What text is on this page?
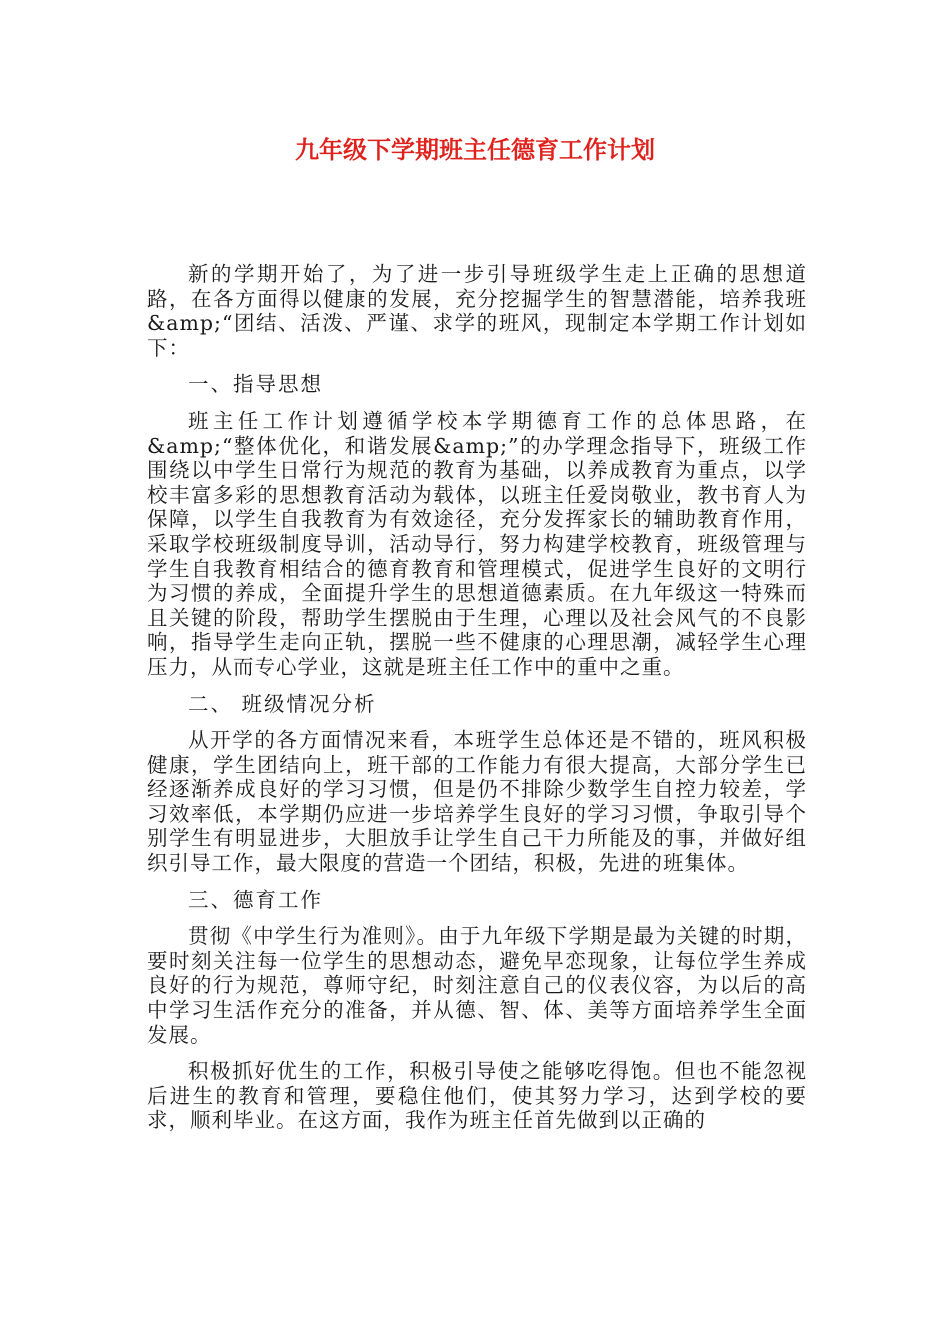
九年级下学期班主任德育工作计划

新的学期开始了，为了进一步引导班级学生走上正确的思想道路，在各方面得以健康的发展，充分挖掘学生的智慧潜能，培养我班&amp;“团结、活泼、严谨、求学的班风，现制定本学期工作计划如下：

一、指导思想

班主任工作计划遵循学校本学期德育工作的总体思路，在&amp;“整体优化，和谐发展&amp;”的办学理念指导下，班级工作围绕以中学生日常行为规范的教育为基础，以养成教育为重点，以学校丰富多彩的思想教育活动为载体，以班主任爱岗敬业，教书育人为保障，以学生自我教育为有效途径，充分发挥家长的辅助教育作用，采取学校班级制度导训，活动导行，努力构建学校教育，班级管理与学生自我教育相结合的德育教育和管理模式，促进学生良好的文明行为习惯的养成，全面提升学生的思想道德素质。在九年级这一特殊而且关键的阶段，帮助学生摆脱由于生理，心理以及社会风气的不良影响，指导学生走向正轨，摆脱一些不健康的心理思潮，减轻学生心理压力，从而专心学业，这就是班主任工作中的重中之重。

二、 班级情况分析

从开学的各方面情况来看，本班学生总体还是不错的，班风积极健康，学生团结向上，班干部的工作能力有很大提高，大部分学生已经逐渐养成良好的学习习惯，但是仍不排除少数学生自控力较差，学习效率低，本学期仍应进一步培养学生良好的学习习惯，争取引导个别学生有明显进步，大胆放手让学生自己干力所能及的事，并做好组织引导工作，最大限度的营造一个团结，积极，先进的班集体。

三、德育工作

贯彻《中学生行为准则》。由于九年级下学期是最为关键的时期，要时刻关注每一位学生的思想动态，避免早恋现象，让每位学生养成良好的行为规范，尊师守纪，时刻注意自己的仪表仪容，为以后的高中学习生活作充分的准备，并从德、智、体、美等方面培养学生全面发展。

积极抓好优生的工作，积极引导使之能够吃得饱。但也不能忽视后进生的教育和管理，要稳住他们，使其努力学习，达到学校的要求，顺利毕业。在这方面，我作为班主任首先做到以正确的
